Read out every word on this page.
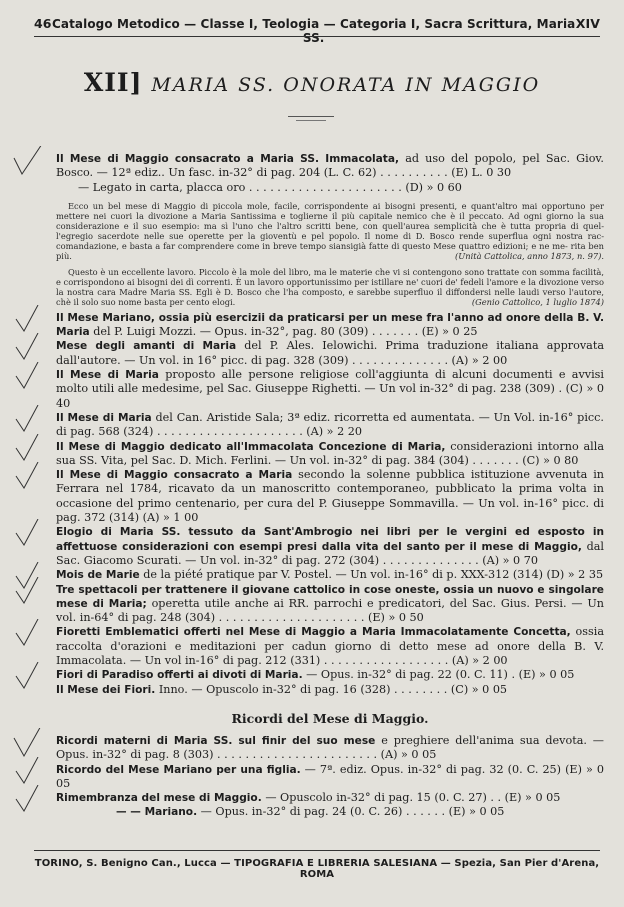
46 Catalogo Metodico — Classe I, Teologia — Categoria I, Sacra Scrittura, Maria SS.
XIV
XII] MARIA SS. ONORATA IN MAGGIO
Il Mese di Maggio consacrato a Maria SS. Immacolata, ad uso del popolo, pel Sac. Giov. Bosco. — 12ª ediz.. Un fasc. in-32° di pag. 204 (L. C. 62) . . . . . . . . . . (E) L. 0 30
— Legato in carta, placca oro . . . . . . . . . . . . . . . . . . . . . . (D) » 0 60
Ecco un bel mese di Maggio di piccola mole, facile, corrispondente ai bisogni presenti, e quant'altro mai opportuno per mettere nei cuori la divozione a Maria Santissima e toglierne il più capitale nemico che è il peccato. Ad ogni giorno la sua considerazione e il suo esempio: ma sì l'uno che l'altro scritti bene, con quell'aurea semplicità che è tutta propria di quel- l'egregio sacerdote nelle sue operette per la gioventù e pel popolo. Il nome di D. Bosco rende superflua ogni nostra rac- comandazione, e basta a far comprendere come in breve tempo siansigià fatte di questo Mese quattro edizioni; e ne me- rita ben più.	(Unità Cattolica, anno 1873, n. 97).
Questo è un eccellente lavoro. Piccolo è la mole del libro, ma le materie che vi si contengono sono trattate con somma facilità, e corrispondono ai bisogni dei dì correnti. È un lavoro opportunissimo per istillare ne' cuori de' fedeli l'amore e la divozione verso la nostra cara Madre Maria SS. Egli è D. Bosco che l'ha composto, e sarebbe superfluo il diffondersi nelle laudi verso l'autore, chè il solo suo nome basta per cento elogi.	(Genio Cattolico, 1 luglio 1874)
Il Mese Mariano, ossia più esercizii da praticarsi per un mese fra l'anno ad onore della B. V. Maria del P. Luigi Mozzi. — Opus. in-32°, pag. 80 (309) . . . . . . . (E) » 0 25
Mese degli amanti di Maria del P. Ales. Ielowichi. Prima traduzione italiana approvata dall'autore. — Un vol. in 16° picc. di pag. 328 (309) . . . . . . . . . . . . . . (A) » 2 00
Il Mese di Maria proposto alle persone religiose coll'aggiunta di alcuni documenti e avvisi molto utili alle medesime, pel Sac. Giuseppe Righetti. — Un vol in-32° di pag. 238 (309) . (C) » 0 40
Il Mese di Maria del Can. Aristide Sala; 3ª ediz. ricorretta ed aumentata. — Un Vol. in-16° picc. di pag. 568 (324) . . . . . . . . . . . . . . . . . . . . . (A) » 2 20
Il Mese di Maggio dedicato all'Immacolata Concezione di Maria, considerazioni intorno alla sua SS. Vita, pel Sac. D. Mich. Ferlini. — Un vol. in-32° di pag. 384 (304) . . . . . . . (C) » 0 80
Il Mese di Maggio consacrato a Maria secondo la solenne pubblica istituzione avvenuta in Ferrara nel 1784, ricavato da un manoscritto contemporaneo, pubblicato la prima volta in occasione del primo centenario, per cura del P. Giuseppe Sommavilla. — Un vol. in-16° picc. di pag. 372 (314) (A) » 1 00
Elogio di Maria SS. tessuto da Sant'Ambrogio nei libri per le vergini ed esposto in affettuose considerazioni con esempi presi dalla vita del santo per il mese di Maggio, dal Sac. Giacomo Scurati. — Un vol. in-32° di pag. 272 (304) . . . . . . . . . . . . . . (A) » 0 70
Mois de Marie de la piété pratique par V. Postel. — Un vol. in-16° di p. XXX-312 (314) (D) » 2 35
Tre spettacoli per trattenere il giovane cattolico in cose oneste, ossia un nuovo e singolare mese di Maria; operetta utile anche ai RR. parrochi e predicatori, del Sac. Gius. Persi. — Un vol. in-64° di pag. 248 (304) . . . . . . . . . . . . . . . . . . . . . (E) » 0 50
Fioretti Emblematici offerti nel Mese di Maggio a Maria Immacolatamente Concetta, ossia raccolta d'orazioni e meditazioni per cadun giorno di detto mese ad onore della B. V. Immacolata. — Un vol in-16° di pag. 212 (331) . . . . . . . . . . . . . . . . . . (A) » 2 00
Fiori di Paradiso offerti ai divoti di Maria. — Opus. in-32° di pag. 22 (0. C. 11) . (E) » 0 05
Il Mese dei Fiori. Inno. — Opuscolo in-32° di pag. 16 (328) . . . . . . . . (C) » 0 05
Ricordi del Mese di Maggio.
Ricordi materni di Maria SS. sul finir del suo mese e preghiere dell'anima sua devota. — Opus. in-32° di pag. 8 (303) . . . . . . . . . . . . . . . . . . . . . . . (A) » 0 05
Ricordo del Mese Mariano per una figlia. — 7ª. ediz. Opus. in-32° di pag. 32 (0. C. 25) (E) » 0 05
Rimembranza del mese di Maggio. — Opuscolo in-32° di pag. 15 (0. C. 27) . . (E) » 0 05
— — Mariano. — Opus. in-32° di pag. 24 (0. C. 26) . . . . . . (E) » 0 05
TORINO, S. Benigno Can., Lucca — TIPOGRAFIA E LIBRERIA SALESIANA — Spezia, San Pier d'Arena, ROMA
